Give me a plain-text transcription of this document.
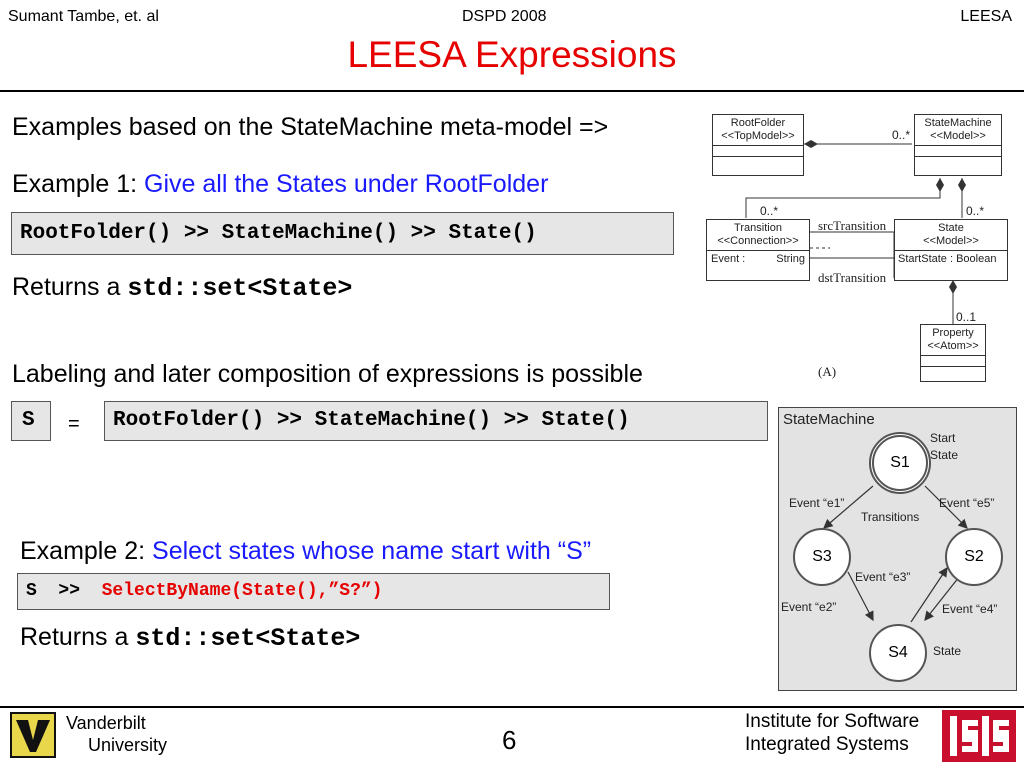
Sumant Tambe, et. al	DSPD 2008	LEESA
LEESA Expressions
Examples based on the StateMachine meta-model =>
Example 1: Give all the States under RootFolder
RootFolder() >> StateMachine() >> State()
Returns a std::set<State>
Labeling and later composition of expressions is possible
S	=	RootFolder() >> StateMachine() >> State()
Example 2: Select states whose name start with “S”
S  >>  SelectByName(State(),”S?”)
Returns a std::set<State>
RootFolder
<<TopModel>>
StateMachine
<<Model>>
0..*
Transition
<<Connection>>
Event :	String
0..*
State
<<Model>>
StartState : Boolean
0..*
srcTransition
dstTransition
0..1
Property
<<Atom>>
(A)
StateMachine
S1
S2
S3
S4
Start
State
State
Transitions
Event “e1”	Event “e5”
Event “e3”
Event “e2”	Event “e4”
Vanderbilt
University	6
Institute for Software
Integrated Systems
